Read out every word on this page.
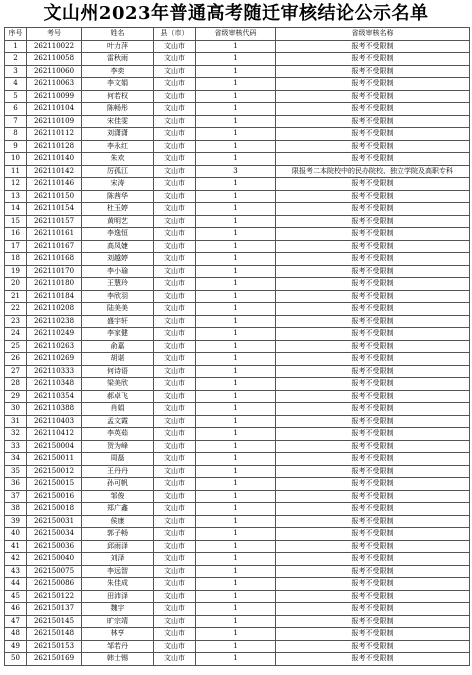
文山州2023年普通高考随迁审核结论公示名单
序号	考号	姓名	县（市）	省级审核代码	省级审核名称
1	262110022	叶力萍	文山市	1	报考不受限制
2	262110058	雷秋雨	文山市	1	报考不受限制
3	262110060	李奕	文山市	1	报考不受限制
4	262110063	李文娟	文山市	1	报考不受限制
5	262110099	何若权	文山市	1	报考不受限制
6	262110104	陈畅彤	文山市	1	报考不受限制
7	262110109	宋佳雯	文山市	1	报考不受限制
8	262110112	刘潇潇	文山市	1	报考不受限制
9	262110128	李永红	文山市	1	报考不受限制
10	262110140	朱欢	文山市	1	报考不受限制
11	262110142	厉孤江	文山市	3	限报考二本院校中的民办院校、独立学院及高职专科
12	262110146	宋涛	文山市	1	报考不受限制
13	262110150	陈茜华	文山市	1	报考不受限制
14	262110154	杜玉婷	文山市	1	报考不受限制
15	262110157	黄明艺	文山市	1	报考不受限制
16	262110161	李逸恒	文山市	1	报考不受限制
17	262110167	高凤婕	文山市	1	报考不受限制
18	262110168	刘越婷	文山市	1	报考不受限制
19	262110170	李小瑜	文山市	1	报考不受限制
20	262110180	王慧玲	文山市	1	报考不受限制
21	262110184	李欣羽	文山市	1	报考不受限制
22	262110208	陆美美	文山市	1	报考不受限制
23	262110238	盛宇轩	文山市	1	报考不受限制
24	262110249	李家健	文山市	1	报考不受限制
25	262110263	俞嘉	文山市	1	报考不受限制
26	262110269	胡谌	文山市	1	报考不受限制
27	262110333	何诗语	文山市	1	报考不受限制
28	262110348	梁美欣	文山市	1	报考不受限制
29	262110354	郝卓飞	文山市	1	报考不受限制
30	262110388	肖娟	文山市	1	报考不受限制
31	262110403	孟文霞	文山市	1	报考不受限制
32	262110412	李英茹	文山市	1	报考不受限制
33	262150004	贺为峰	文山市	1	报考不受限制
34	262150011	周磊	文山市	1	报考不受限制
35	262150012	王丹丹	文山市	1	报考不受限制
36	262150015	孙可帆	文山市	1	报考不受限制
37	262150016	邹俊	文山市	1	报考不受限制
38	262150018	郑广鑫	文山市	1	报考不受限制
39	262150031	侯康	文山市	1	报考不受限制
40	262150034	郭子畅	文山市	1	报考不受限制
41	262150036	邱雨泽	文山市	1	报考不受限制
42	262150040	刘泽	文山市	1	报考不受限制
43	262150075	李远智	文山市	1	报考不受限制
44	262150086	朱佳成	文山市	1	报考不受限制
45	262150122	田沛泽	文山市	1	报考不受限制
46	262150137	魏宇	文山市	1	报考不受限制
47	262150145	旷宗靖	文山市	1	报考不受限制
48	262150148	林亨	文山市	1	报考不受限制
49	262150153	邹若丹	文山市	1	报考不受限制
50	262150169	韩士锡	文山市	1	报考不受限制
